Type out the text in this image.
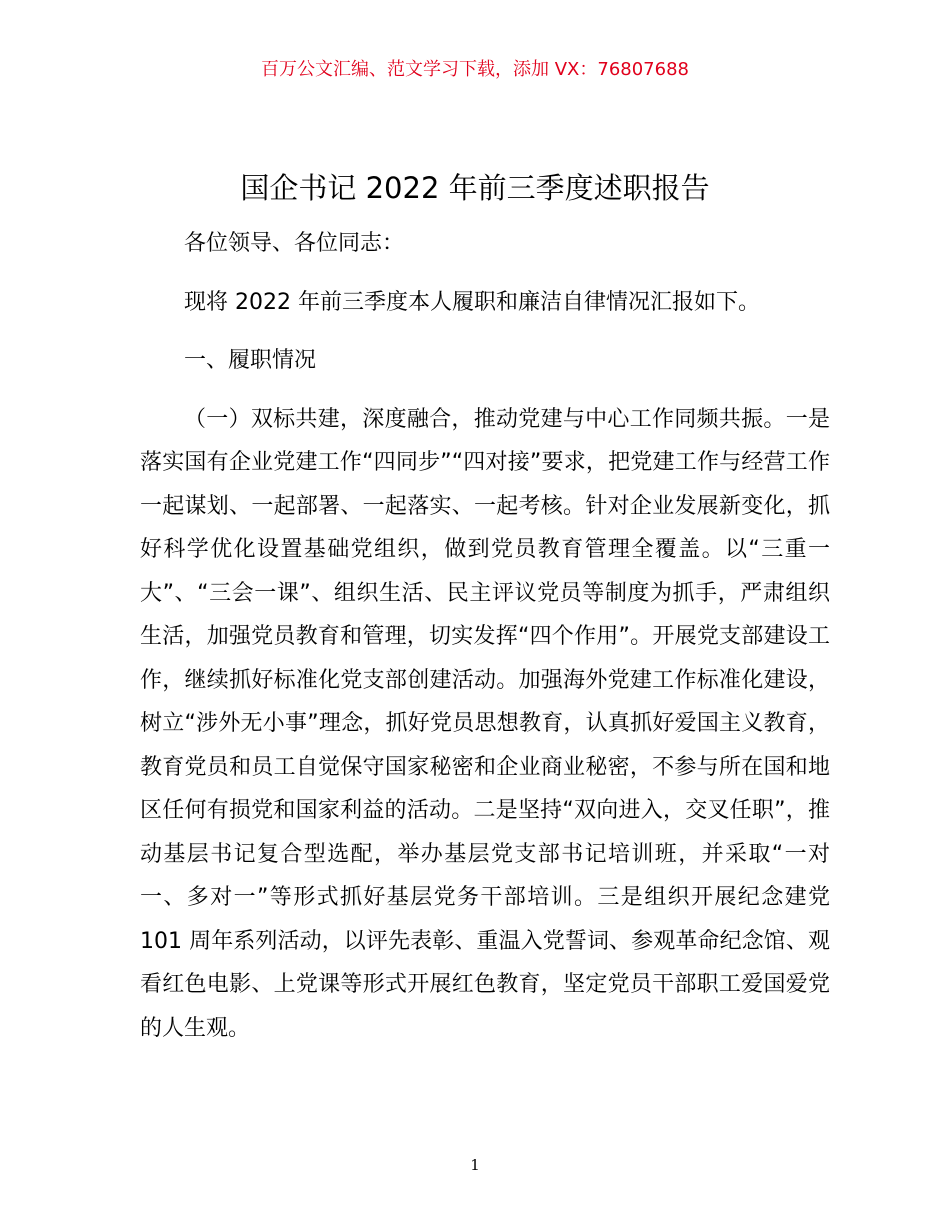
百万公文汇编、范文学习下载，添加 VX：76807688
国企书记 2022 年前三季度述职报告

各位领导、各位同志：

现将 2022 年前三季度本人履职和廉洁自律情况汇报如下。

一、履职情况

（一）双标共建，深度融合，推动党建与中心工作同频共振。一是落实国有企业党建工作“四同步”“四对接”要求，把党建工作与经营工作一起谋划、一起部署、一起落实、一起考核。针对企业发展新变化，抓好科学优化设置基础党组织，做到党员教育管理全覆盖。以“三重一大”、“三会一课”、组织生活、民主评议党员等制度为抓手，严肃组织生活，加强党员教育和管理，切实发挥“四个作用”。开展党支部建设工作，继续抓好标准化党支部创建活动。加强海外党建工作标准化建设，树立“涉外无小事”理念，抓好党员思想教育，认真抓好爱国主义教育，教育党员和员工自觉保守国家秘密和企业商业秘密，不参与所在国和地区任何有损党和国家利益的活动。二是坚持“双向进入，交叉任职”，推动基层书记复合型选配，举办基层党支部书记培训班，并采取“一对一、多对一”等形式抓好基层党务干部培训。三是组织开展纪念建党 101 周年系列活动，以评先表彰、重温入党誓词、参观革命纪念馆、观看红色电影、上党课等形式开展红色教育，坚定党员干部职工爱国爱党的人生观。

1
